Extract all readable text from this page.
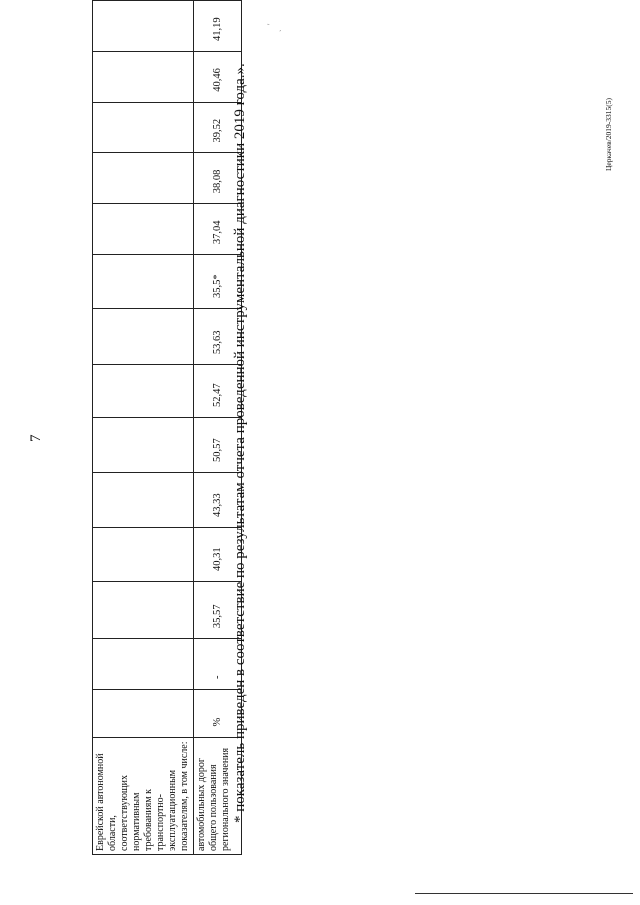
7
Еврейской автономной области, соответствующих нормативным требованиям к транспортно-эксплуатационным показателям, в том числе:														
автомобильных дорог общего пользования регионального значения	%	-	35,57	40,31	43,33	50,57	52,47	53,63	35,5*	37,04	38,08	39,52	40,46	41,19
* показатель приведен в соответствие по результатам отчета проведенной инструментальной диагностики 2019 года.».
'
ˎ
Церкачев/2019-3315(5)
